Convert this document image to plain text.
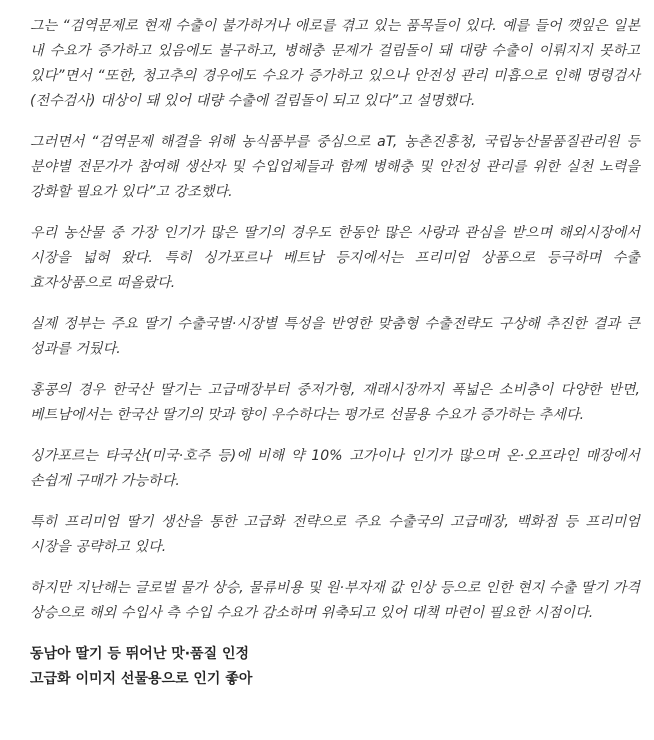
그는 “검역문제로 현재 수출이 불가하거나 애로를 겪고 있는 품목들이 있다. 예를 들어 깻잎은 일본 내 수요가 증가하고 있음에도 불구하고, 병해충 문제가 걸림돌이 돼 대량 수출이 이뤄지지 못하고 있다”면서 “또한, 청고추의 경우에도 수요가 증가하고 있으나 안전성 관리 미흡으로 인해 명령검사(전수검사) 대상이 돼 있어 대량 수출에 걸림돌이 되고 있다”고 설명했다.

그러면서 “검역문제 해결을 위해 농식품부를 중심으로 aT, 농촌진흥청, 국립농산물품질관리원 등 분야별 전문가가 참여해 생산자 및 수입업체들과 함께 병해충 및 안전성 관리를 위한 실천 노력을 강화할 필요가 있다”고 강조했다.

우리 농산물 중 가장 인기가 많은 딸기의 경우도 한동안 많은 사랑과 관심을 받으며 해외시장에서 시장을 넓혀 왔다. 특히 싱가포르나 베트남 등지에서는 프리미엄 상품으로 등극하며 수출 효자상품으로 떠올랐다.

실제 정부는 주요 딸기 수출국별·시장별 특성을 반영한 맞춤형 수출전략도 구상해 추진한 결과 큰 성과를 거뒀다.

홍콩의 경우 한국산 딸기는 고급매장부터 중저가형, 재래시장까지 폭넓은 소비층이 다양한 반면, 베트남에서는 한국산 딸기의 맛과 향이 우수하다는 평가로 선물용 수요가 증가하는 추세다.

싱가포르는 타국산(미국·호주 등)에 비해 약 10% 고가이나 인기가 많으며 온·오프라인 매장에서 손쉽게 구매가 가능하다.

특히 프리미엄 딸기 생산을 통한 고급화 전략으로 주요 수출국의 고급매장, 백화점 등 프리미엄 시장을 공략하고 있다.

하지만 지난해는 글로벌 물가 상승, 물류비용 및 원·부자재 값 인상 등으로 인한 현지 수출 딸기 가격 상승으로 해외 수입사 측 수입 수요가 감소하며 위축되고 있어 대책 마련이 필요한 시점이다.

동남아 딸기 등 뛰어난 맛·품질 인정

고급화 이미지 선물용으로 인기 좋아
